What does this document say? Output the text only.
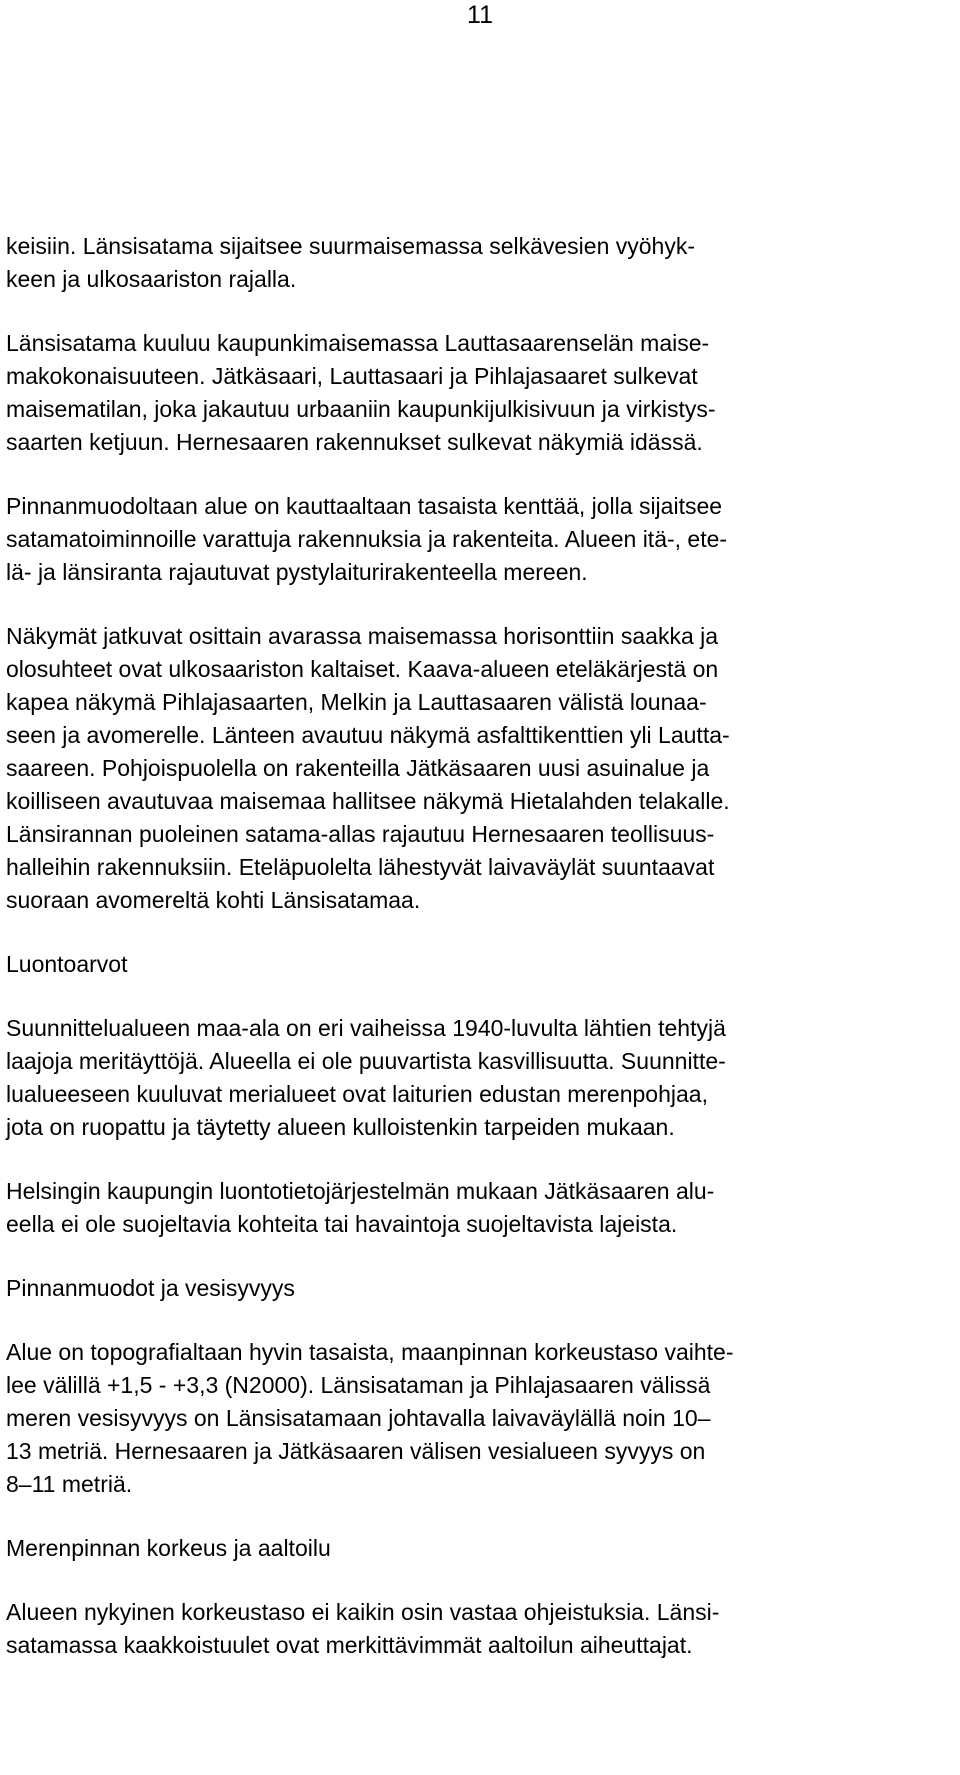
11
keisiin. Länsisatama sijaitsee suurmaisemassa selkävesien vyöhyk-
keen ja ulkosaariston rajalla.
Länsisatama kuuluu kaupunkimaisemassa Lauttasaarenselän maise-
makokonaisuuteen. Jätkäsaari, Lauttasaari ja Pihlajasaaret sulkevat
maisematilan, joka jakautuu urbaaniin kaupunkijulkisivuun ja virkistys-
saarten ketjuun. Hernesaaren rakennukset sulkevat näkymiä idässä.
Pinnanmuodoltaan alue on kauttaaltaan tasaista kenttää, jolla sijaitsee
satamatoiminnoille varattuja rakennuksia ja rakenteita. Alueen itä-, ete-
lä- ja länsiranta rajautuvat pystylaiturirakenteella mereen.
Näkymät jatkuvat osittain avarassa maisemassa horisonttiin saakka ja
olosuhteet ovat ulkosaariston kaltaiset. Kaava-alueen eteläkärjestä on
kapea näkymä Pihlajasaarten, Melkin ja Lauttasaaren välistä lounaa-
seen ja avomerelle. Länteen avautuu näkymä asfalttikenttien yli Lautta-
saareen. Pohjoispuolella on rakenteilla Jätkäsaaren uusi asuinalue ja
koilliseen avautuvaa maisemaa hallitsee näkymä Hietalahden telakalle.
Länsirannan puoleinen satama-allas rajautuu Hernesaaren teollisuus-
halleihin rakennuksiin. Eteläpuolelta lähestyvät laivaväylät suuntaavat
suoraan avomereltä kohti Länsisatamaa.
Luontoarvot
Suunnittelualueen maa-ala on eri vaiheissa 1940-luvulta lähtien tehtyjä
laajoja meritäyttöjä. Alueella ei ole puuvartista kasvillisuutta. Suunnitte-
lualueeseen kuuluvat merialueet ovat laiturien edustan merenpohjaa,
jota on ruopattu ja täytetty alueen kulloistenkin tarpeiden mukaan.
Helsingin kaupungin luontotietojärjestelmän mukaan Jätkäsaaren alu-
eella ei ole suojeltavia kohteita tai havaintoja suojeltavista lajeista.
Pinnanmuodot ja vesisyvyys
Alue on topografialtaan hyvin tasaista, maanpinnan korkeustaso vaihte-
lee välillä +1,5 - +3,3 (N2000). Länsisataman ja Pihlajasaaren välissä
meren vesisyvyys on Länsisatamaan johtavalla laivaväylällä noin 10–
13 metriä. Hernesaaren ja Jätkäsaaren välisen vesialueen syvyys on
8–11 metriä.
Merenpinnan korkeus ja aaltoilu
Alueen nykyinen korkeustaso ei kaikin osin vastaa ohjeistuksia. Länsi-
satamassa kaakkoistuulet ovat merkittävimmät aaltoilun aiheuttajat.
